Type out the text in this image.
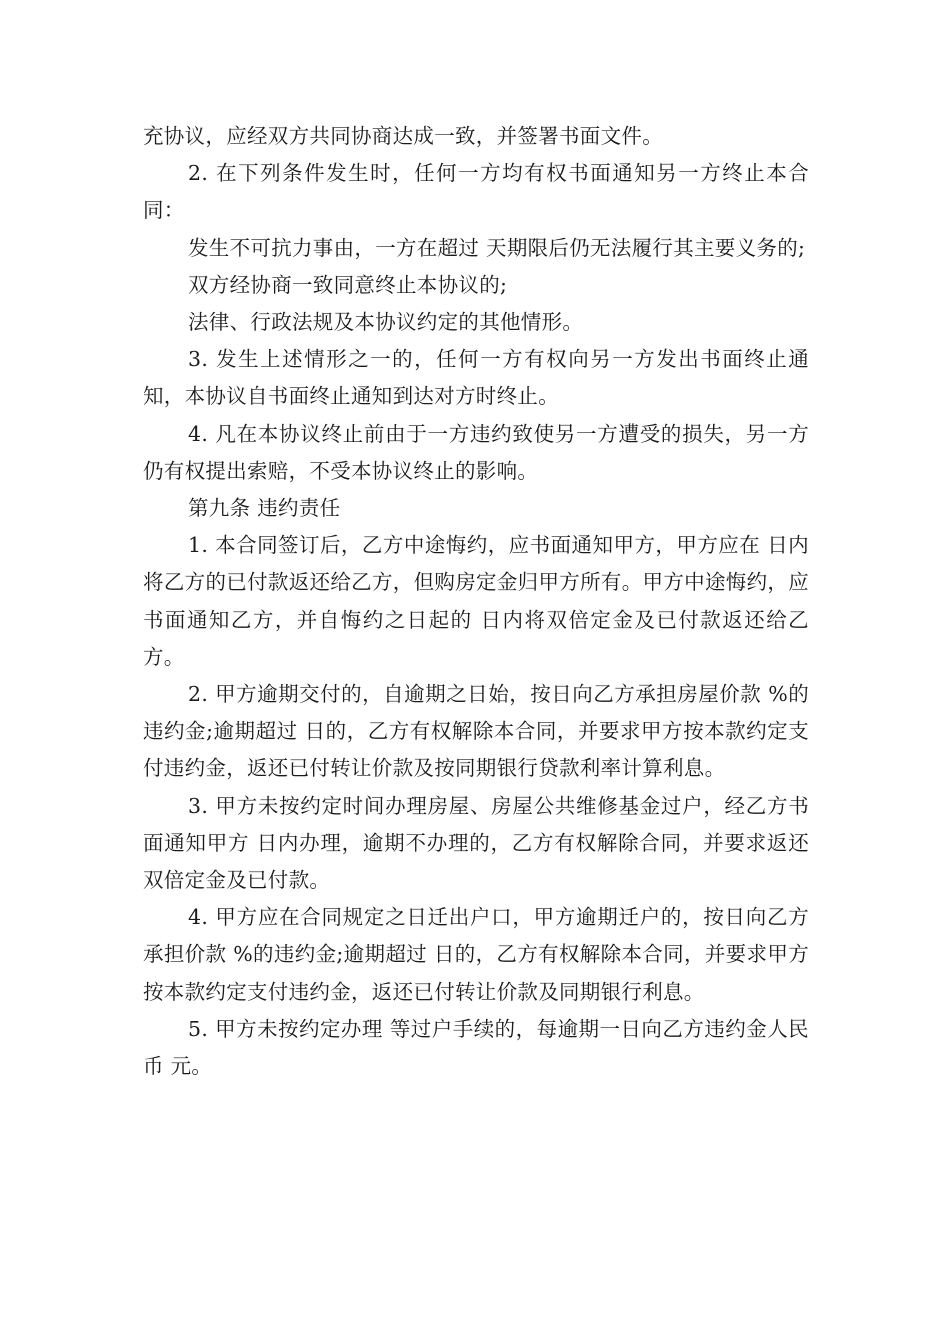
充协议，应经双方共同协商达成一致，并签署书面文件。

2. 在下列条件发生时，任何一方均有权书面通知另一方终止本合同：

发生不可抗力事由，一方在超过 天期限后仍无法履行其主要义务的;

双方经协商一致同意终止本协议的;

法律、行政法规及本协议约定的其他情形。

3. 发生上述情形之一的，任何一方有权向另一方发出书面终止通知，本协议自书面终止通知到达对方时终止。

4. 凡在本协议终止前由于一方违约致使另一方遭受的损失，另一方仍有权提出索赔，不受本协议终止的影响。

第九条 违约责任

1. 本合同签订后，乙方中途悔约，应书面通知甲方，甲方应在 日内将乙方的已付款返还给乙方，但购房定金归甲方所有。甲方中途悔约，应书面通知乙方，并自悔约之日起的 日内将双倍定金及已付款返还给乙方。

2. 甲方逾期交付的，自逾期之日始，按日向乙方承担房屋价款 %的违约金;逾期超过 日的，乙方有权解除本合同，并要求甲方按本款约定支付违约金，返还已付转让价款及按同期银行贷款利率计算利息。

3. 甲方未按约定时间办理房屋、房屋公共维修基金过户，经乙方书面通知甲方 日内办理，逾期不办理的，乙方有权解除合同，并要求返还双倍定金及已付款。

4. 甲方应在合同规定之日迁出户口，甲方逾期迁户的，按日向乙方承担价款 %的违约金;逾期超过 日的，乙方有权解除本合同，并要求甲方按本款约定支付违约金，返还已付转让价款及同期银行利息。

5. 甲方未按约定办理 等过户手续的，每逾期一日向乙方违约金人民币 元。
